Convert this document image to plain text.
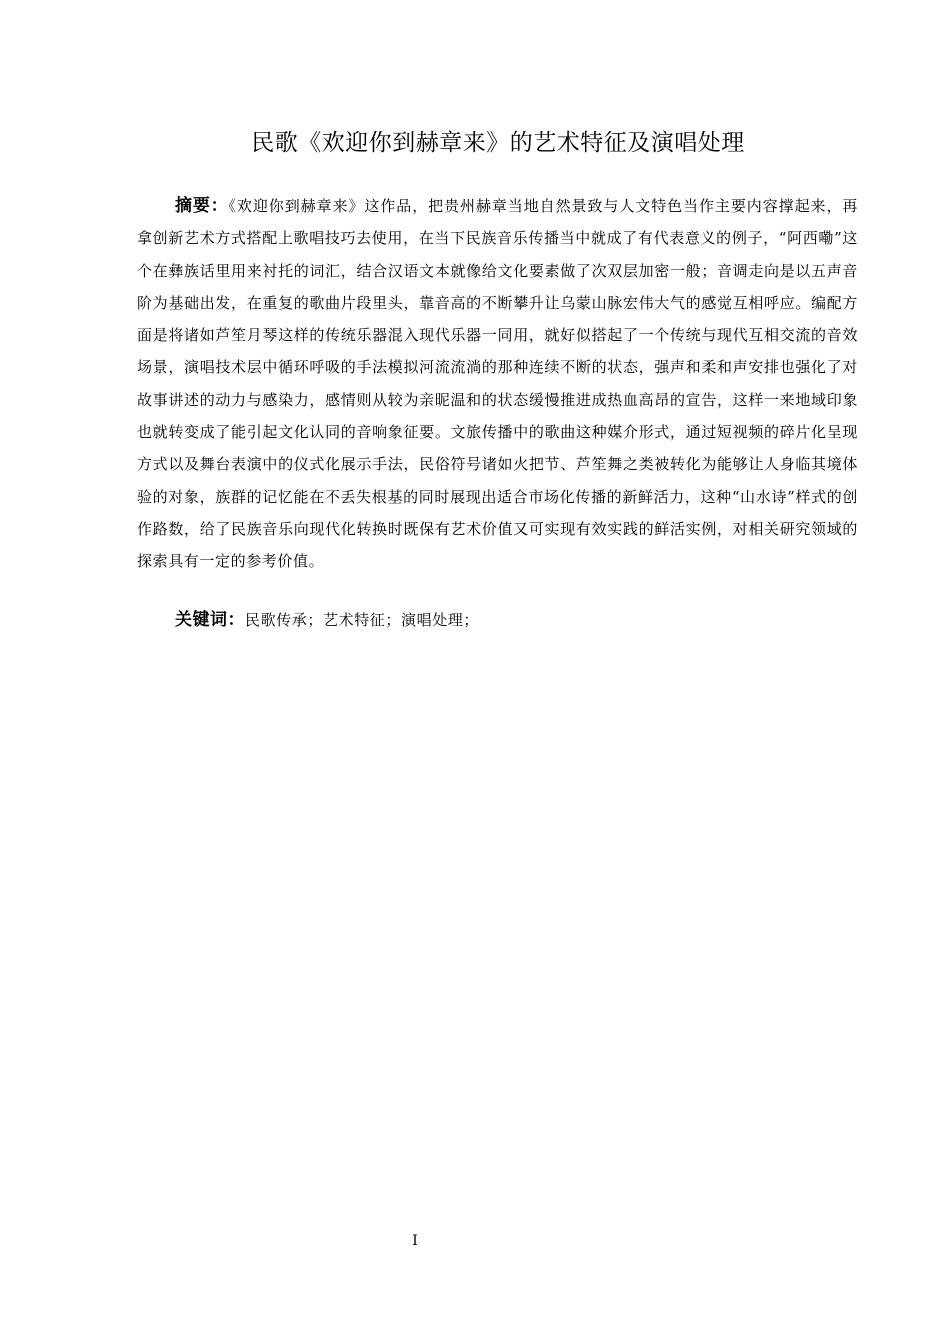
民歌《欢迎你到赫章来》的艺术特征及演唱处理

摘要：《欢迎你到赫章来》这作品，把贵州赫章当地自然景致与人文特色当作主要内容撑起来，再拿创新艺术方式搭配上歌唱技巧去使用，在当下民族音乐传播当中就成了有代表意义的例子，“阿西嘞”这个在彝族话里用来衬托的词汇，结合汉语文本就像给文化要素做了次双层加密一般；音调走向是以五声音阶为基础出发，在重复的歌曲片段里头，靠音高的不断攀升让乌蒙山脉宏伟大气的感觉互相呼应。编配方面是将诸如芦笙月琴这样的传统乐器混入现代乐器一同用，就好似搭起了一个传统与现代互相交流的音效场景，演唱技术层中循环呼吸的手法模拟河流流淌的那种连续不断的状态，强声和柔和声安排也强化了对故事讲述的动力与感染力，感情则从较为亲昵温和的状态缓慢推进成热血高昂的宣告，这样一来地域印象也就转变成了能引起文化认同的音响象征要。文旅传播中的歌曲这种媒介形式，通过短视频的碎片化呈现方式以及舞台表演中的仪式化展示手法，民俗符号诸如火把节、芦笙舞之类被转化为能够让人身临其境体验的对象，族群的记忆能在不丢失根基的同时展现出适合市场化传播的新鲜活力，这种“山水诗”样式的创作路数，给了民族音乐向现代化转换时既保有艺术价值又可实现有效实践的鲜活实例，对相关研究领域的探索具有一定的参考价值。

关键词：民歌传承；艺术特征；演唱处理；

I
